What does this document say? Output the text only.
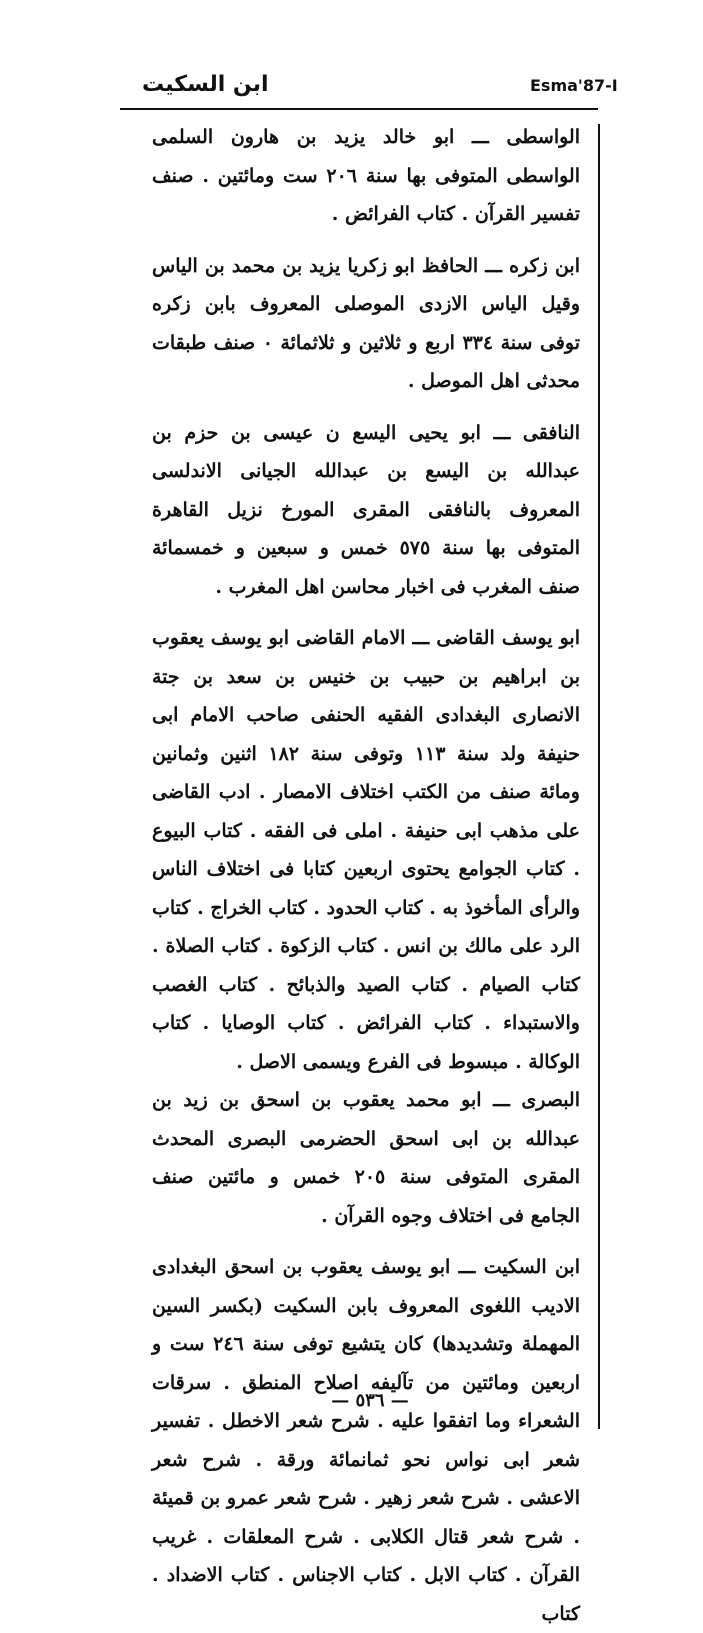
ابن السكيت	Esma'87-I

الواسطى ـــ ابو خالد يزيد بن هارون السلمى الواسطى المتوفى بها سنة ٢٠٦ ست ومائتين . صنف تفسير القرآن . كتاب الفرائض .

ابن زكره ـــ الحافظ ابو زكريا يزيد بن محمد بن الياس وقيل الياس الازدى الموصلى المعروف بابن زكره توفى سنة ٣٣٤ اربع و ثلاثين و ثلاثمائة ٠ صنف طبقات محدثى اهل الموصل .

النافقى ـــ ابو يحيى اليسع ن عيسى بن حزم بن عبدالله بن اليسع بن عبدالله الجيانى الاندلسى المعروف بالنافقى المقرى المورخ نزيل القاهرة المتوفى بها سنة ٥٧٥ خمس و سبعين و خمسمائة صنف المغرب فى اخبار محاسن اهل المغرب .

ابو يوسف القاضى ـــ الامام القاضى ابو يوسف يعقوب بن ابراهيم بن حبيب بن خنيس بن سعد بن جتة الانصارى البغدادى الفقيه الحنفى صاحب الامام ابى حنيفة ولد سنة ١١٣ وتوفى سنة ١٨٢ اثنين وثمانين ومائة صنف من الكتب اختلاف الامصار . ادب القاضى على مذهب ابى حنيفة . املى فى الفقه . كتاب البيوع . كتاب الجوامع يحتوى اربعين كتابا فى اختلاف الناس والرأى المأخوذ به . كتاب الحدود . كتاب الخراج . كتاب الرد على مالك بن انس . كتاب الزكوة . كتاب الصلاة . كتاب الصيام . كتاب الصيد والذبائح . كتاب الغصب والاستبداء . كتاب الفرائض . كتاب الوصايا . كتاب الوكالة . مبسوط فى الفرع ويسمى الاصل .

البصرى ـــ ابو محمد يعقوب بن اسحق بن زيد بن عبدالله بن ابى اسحق الحضرمى البصرى المحدث المقرى المتوفى سنة ٢٠٥ خمس و مائتين صنف الجامع فى اختلاف وجوه القرآن .

ابن السكيت ـــ ابو يوسف يعقوب بن اسحق البغدادى الاديب اللغوى المعروف بابن السكيت (بكسر السين المهملة وتشديدها) كان يتشيع توفى سنة ٢٤٦ ست و اربعين ومائتين من تآليفه اصلاح المنطق . سرقات الشعراء وما اتفقوا عليه . شرح شعر الاخطل . تفسير شعر ابى نواس نحو ثمانمائة ورقة . شرح شعر الاعشى . شرح شعر زهير . شرح شعر عمرو بن قميئة . شرح شعر قتال الكلابى . شرح المعلقات . غريب القرآن . كتاب الابل . كتاب الاجناس . كتاب الاضداد . كتاب

— ٥٣٦ —
